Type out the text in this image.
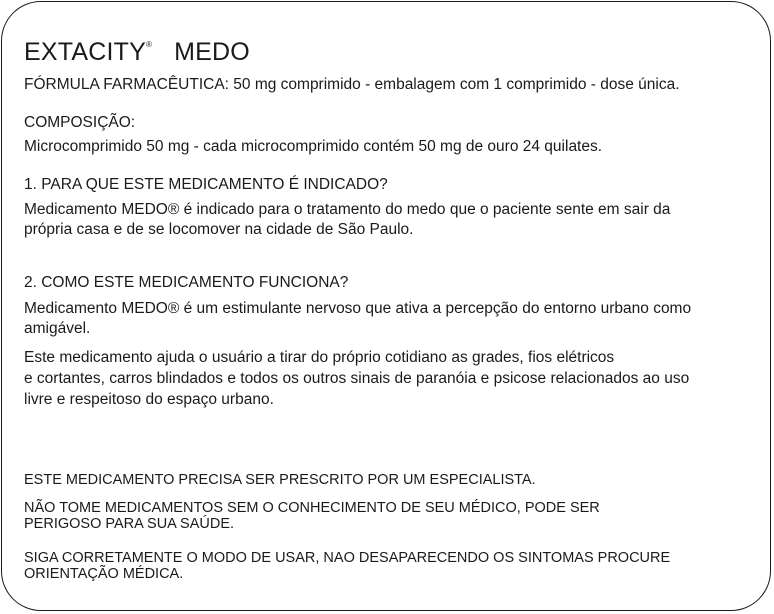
EXTACITY® MEDO
FÓRMULA FARMACÊUTICA: 50 mg comprimido - embalagem com 1 comprimido - dose única.
COMPOSIÇÃO:
Microcomprimido 50 mg - cada microcomprimido contém 50 mg de ouro 24 quilates.
1. PARA QUE ESTE MEDICAMENTO É INDICADO?
Medicamento MEDO® é indicado para o tratamento do medo que o paciente sente em sair da
própria casa e de se locomover na cidade de São Paulo.
2. COMO ESTE MEDICAMENTO FUNCIONA?
Medicamento MEDO® é um estimulante nervoso que ativa a percepção do entorno urbano como
amigável.
Este medicamento ajuda o usuário a tirar do próprio cotidiano as grades, fios elétricos
e cortantes, carros blindados e todos os outros sinais de paranóia e psicose relacionados ao uso
livre e respeitoso do espaço urbano.
ESTE MEDICAMENTO PRECISA SER PRESCRITO POR UM ESPECIALISTA.
NÃO TOME MEDICAMENTOS SEM O CONHECIMENTO DE SEU MÉDICO, PODE SER
PERIGOSO PARA SUA SAÚDE.
SIGA CORRETAMENTE O MODO DE USAR, NAO DESAPARECENDO OS SINTOMAS PROCURE
ORIENTAÇÃO MÉDICA.
